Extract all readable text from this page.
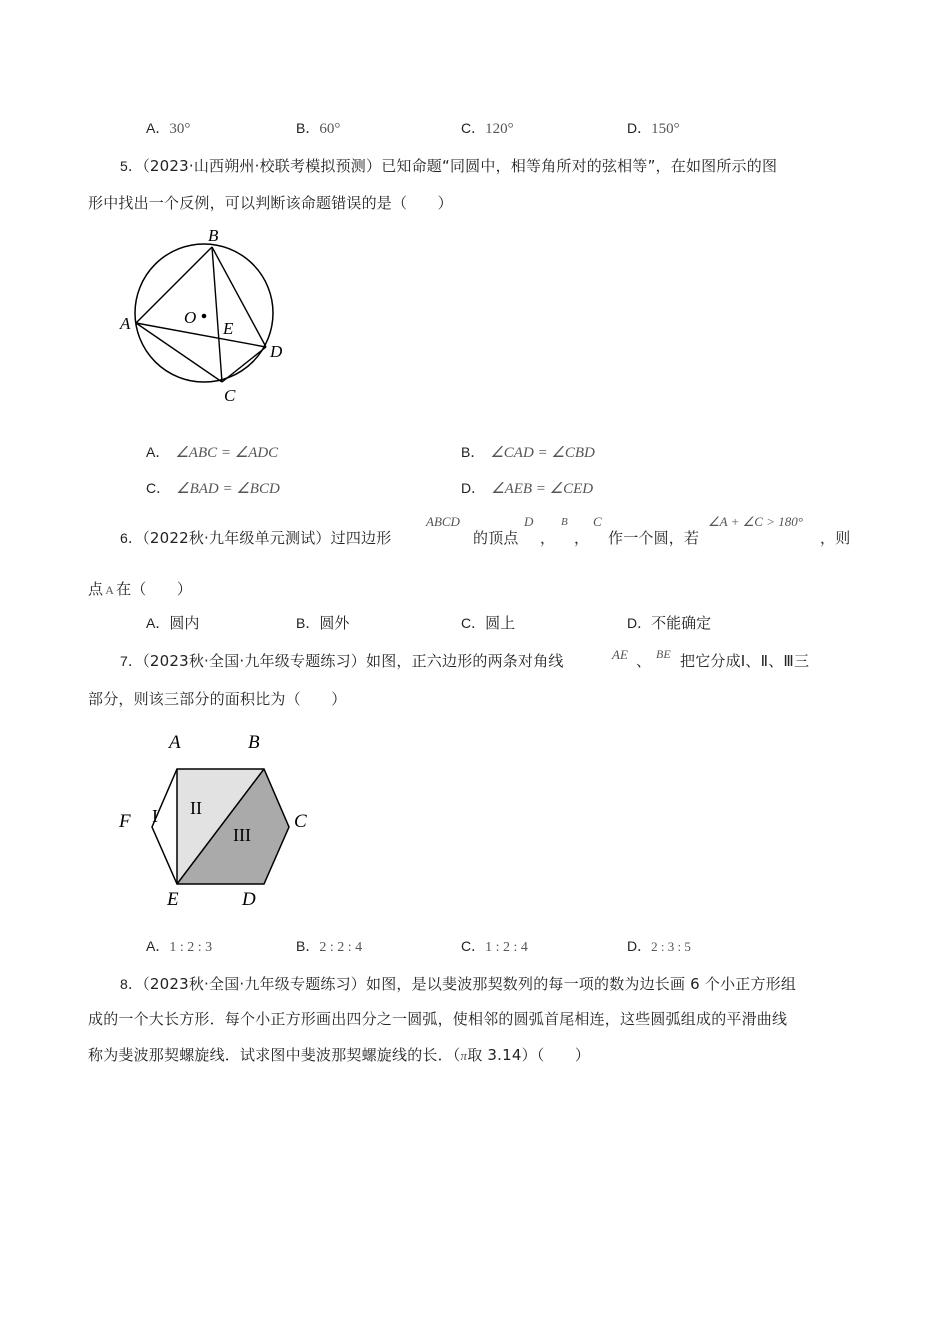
A．30°	B．60°	C．120°	D．150°
5．（2023·山西朔州·校联考模拟预测）已知命题“同圆中，相等角所对的弦相等”，在如图所示的图
形中找出一个反例，可以判断该命题错误的是（　　）
B
A	O
E
D
C
A． ∠ABC = ∠ADC	B． ∠CAD = ∠CBD
C． ∠BAD = ∠BCD	D． ∠AEB = ∠CED
6．（2022秋·九年级单元测试）过四边形
ABCD
的顶点
D
，
B
，
C
作一个圆，若
∠A + ∠C > 180°
，则
点 A 在（　　）
A．圆内	B．圆外	C．圆上	D．不能确定
7．（2023秋·全国·九年级专题练习）如图，正六边形的两条对角线	AE 、 BE 把它分成Ⅰ、Ⅱ、Ⅲ三
部分，则该三部分的面积比为（　　）
A	B
C
D
E
F I II
III
A．1 : 2 : 3	B．2 : 2 : 4	C．1 : 2 : 4	D．2 : 3 : 5
8．（2023秋·全国·九年级专题练习）如图，是以斐波那契数列的每一项的数为边长画 6 个小正方形组
成的一个大长方形．每个小正方形画出四分之一圆弧，使相邻的圆弧首尾相连，这些圆弧组成的平滑曲线
称为斐波那契螺旋线．试求图中斐波那契螺旋线的长．（π取 3.14）（　　）
